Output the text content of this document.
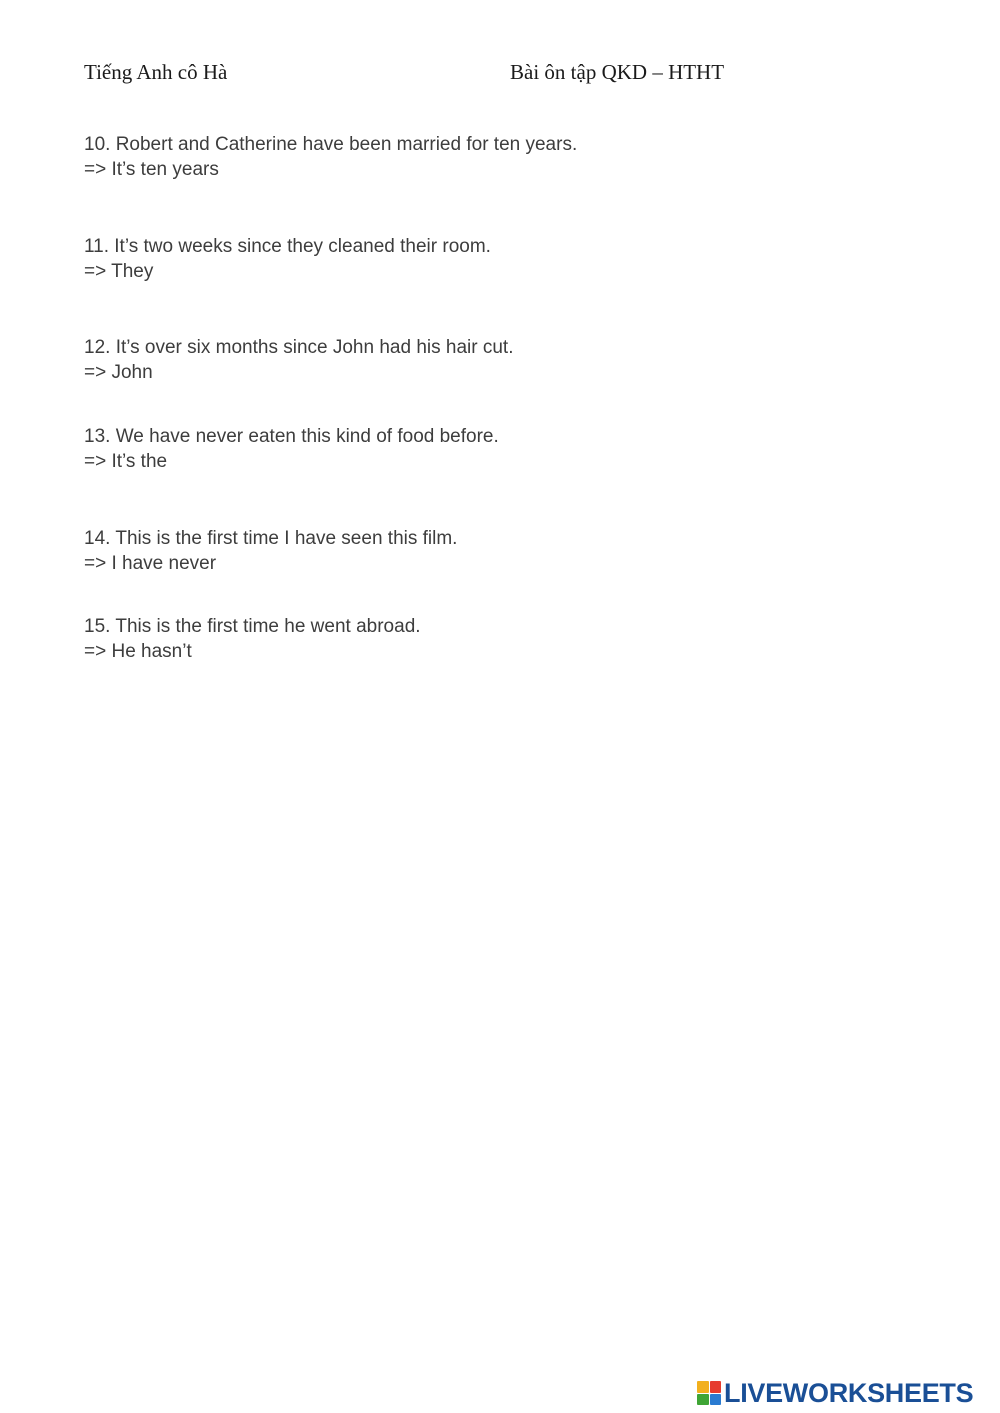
Tiếng Anh cô Hà	Bài ôn tập QKD – HTHT
10. Robert and Catherine have been married for ten years.
=> It’s ten years
11. It’s two weeks since they cleaned their room.
=> They
12. It’s over six months since John had his hair cut.
=> John
13. We have never eaten this kind of food before.
=> It’s the
14. This is the first time I have seen this film.
=> I have never
15. This is the first time he went abroad.
=> He hasn’t
LIVEWORKSHEETS
